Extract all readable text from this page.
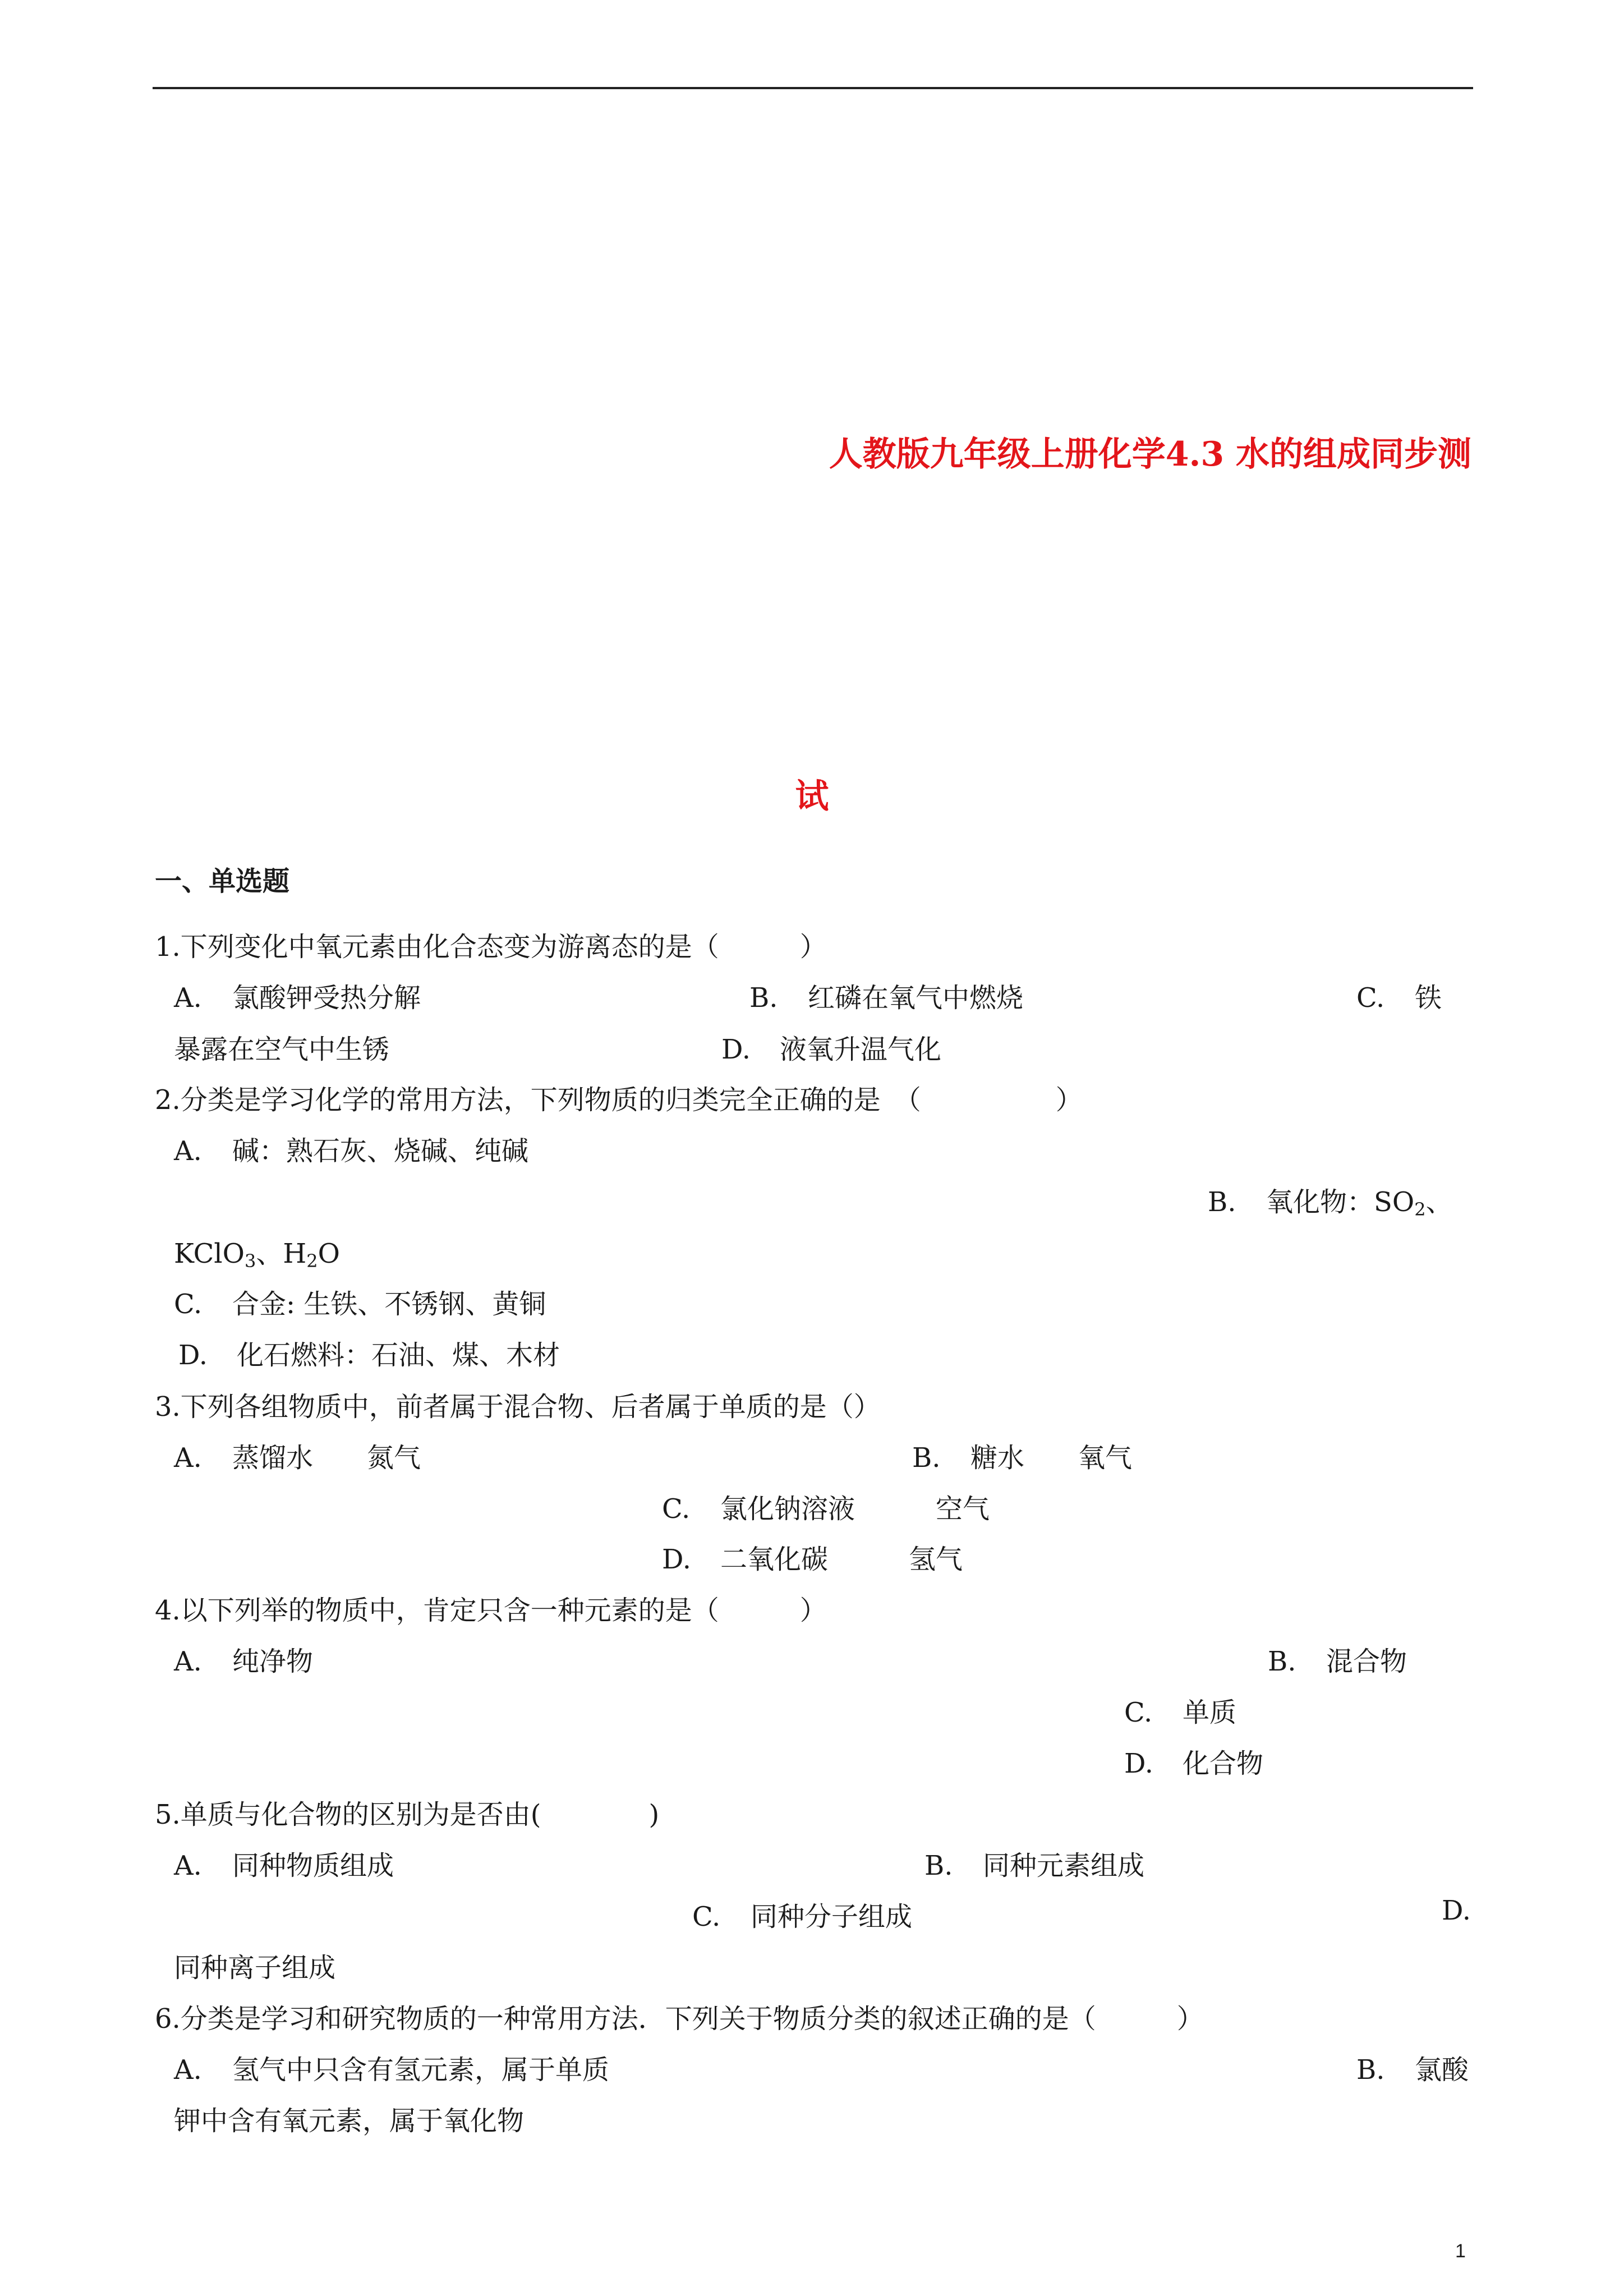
人教版九年级上册化学4.3 水的组成同步测
试
一、单选题
1.下列变化中氧元素由化合态变为游离态的是（　　　）
A. 氯酸钾受热分解	B. 红磷在氧气中燃烧	C. 铁
暴露在空气中生锈	D. 液氧升温气化
2.分类是学习化学的常用方法，下列物质的归类完全正确的是　（　　　　　）
A. 碱：熟石灰、烧碱、纯碱
B. 氧化物：$SO_2$、
KClO$_3$、$H_2O$
C. 合金: 生铁、不锈钢、黄铜
D. 化石燃料：石油、煤、木材
3.下列各组物质中，前者属于混合物、后者属于单质的是（）
A. 蒸馏水　　氮气	B. 糖水　　氧气
C. 氯化钠溶液　　　空气
D. 二氧化碳　　　氢气
4.以下列举的物质中，肯定只含一种元素的是（　　　）
A. 纯净物	B. 混合物
C. 单质
D. 化合物
5.单质与化合物的区别为是否由(　　　　)
A. 同种物质组成	B. 同种元素组成
C. 同种分子组成	D.
同种离子组成
6.分类是学习和研究物质的一种常用方法．下列关于物质分类的叙述正确的是（　　　）
A. 氢气中只含有氢元素，属于单质	B. 氯酸
钾中含有氧元素，属于氧化物
1
